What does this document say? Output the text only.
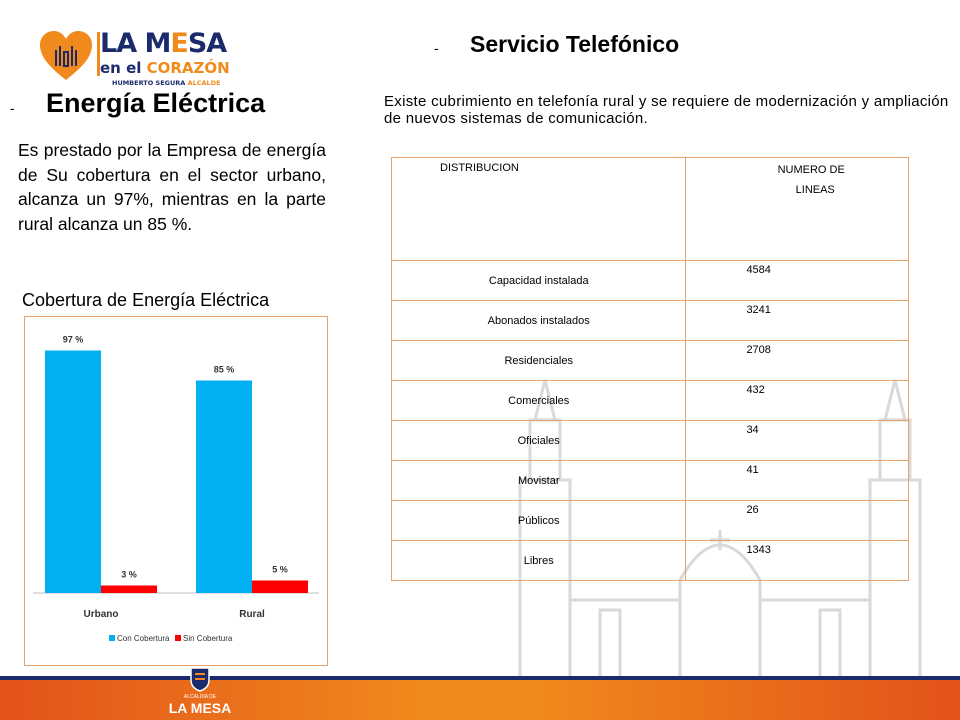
LA MESA
en el CORAZÓN
HUMBERTO SEGURA ALCALDE
- Energía Eléctrica
Es prestado por la Empresa de energía de Su cobertura en el sector urbano, alcanza un 97%, mientras en la parte rural alcanza un 85 %.
Cobertura de Energía Eléctrica
97 %
3 %
Urbano
85 %
5 %
Rural
Con Cobertura Sin Cobertura
- Servicio Telefónico
Existe cubrimiento en telefonía rural y se requiere de modernización y ampliación de nuevos sistemas de comunicación.
DISTRIBUCION	NUMERO DE
LINEAS

Capacidad instalada	4584

Abonados instalados	3241

Residenciales	2708

Comerciales	432

Oficiales	34

Movistar	41

Públicos	26

Libres	1343
ALCALDIA DE
LA MESA
